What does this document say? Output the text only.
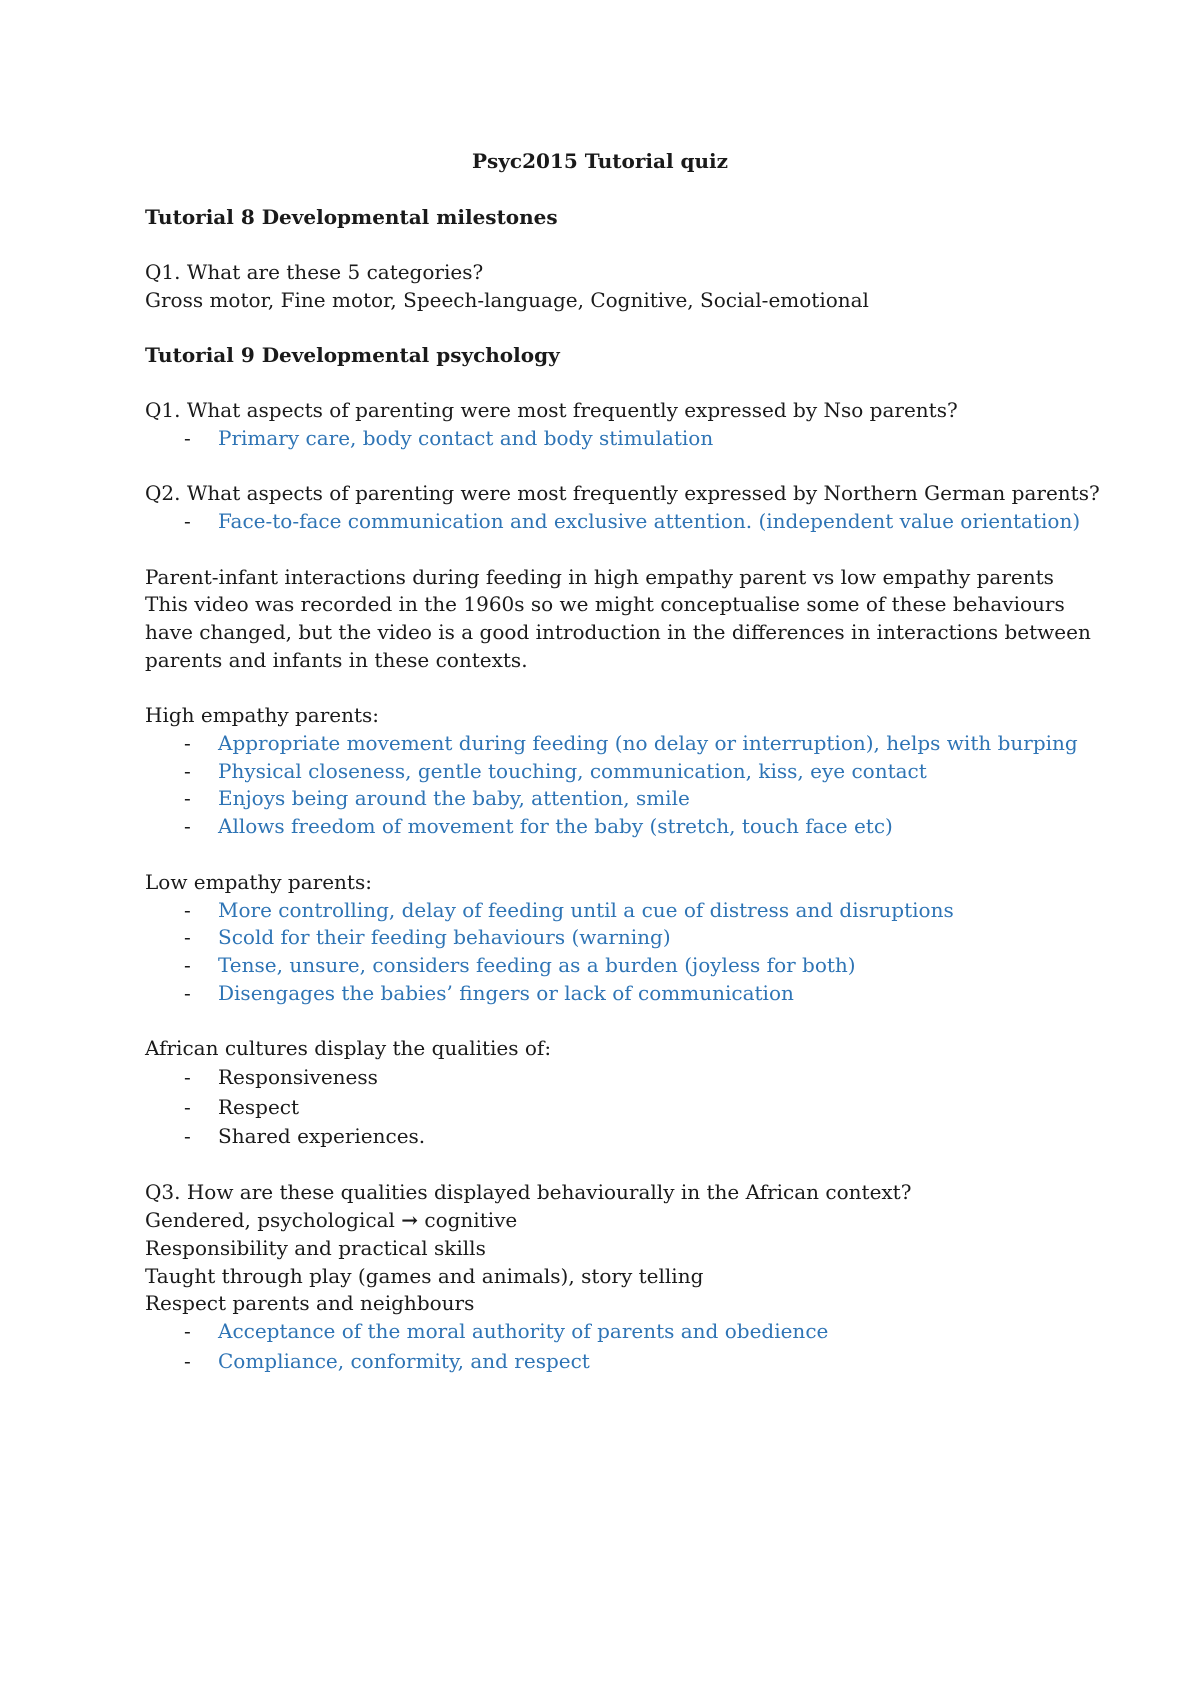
Psyc2015 Tutorial quiz
Tutorial 8 Developmental milestones
Q1. What are these 5 categories?
Gross motor, Fine motor, Speech-language, Cognitive, Social-emotional
Tutorial 9 Developmental psychology
Q1. What aspects of parenting were most frequently expressed by Nso parents?
-	Primary care, body contact and body stimulation
Q2. What aspects of parenting were most frequently expressed by Northern German parents?
-	Face-to-face communication and exclusive attention. (independent value orientation)
Parent-infant interactions during feeding in high empathy parent vs low empathy parents
This video was recorded in the 1960s so we might conceptualise some of these behaviours
have changed, but the video is a good introduction in the differences in interactions between
parents and infants in these contexts.
High empathy parents:
-	Appropriate movement during feeding (no delay or interruption), helps with burping
-	Physical closeness, gentle touching, communication, kiss, eye contact
-	Enjoys being around the baby, attention, smile
-	Allows freedom of movement for the baby (stretch, touch face etc)
Low empathy parents:
-	More controlling, delay of feeding until a cue of distress and disruptions
-	Scold for their feeding behaviours (warning)
-	Tense, unsure, considers feeding as a burden (joyless for both)
-	Disengages the babies’ fingers or lack of communication
African cultures display the qualities of:
-	Responsiveness
-	Respect
-	Shared experiences.
Q3. How are these qualities displayed behaviourally in the African context?
Gendered, psychological → cognitive
Responsibility and practical skills
Taught through play (games and animals), story telling
Respect parents and neighbours
-	Acceptance of the moral authority of parents and obedience
-	Compliance, conformity, and respect
